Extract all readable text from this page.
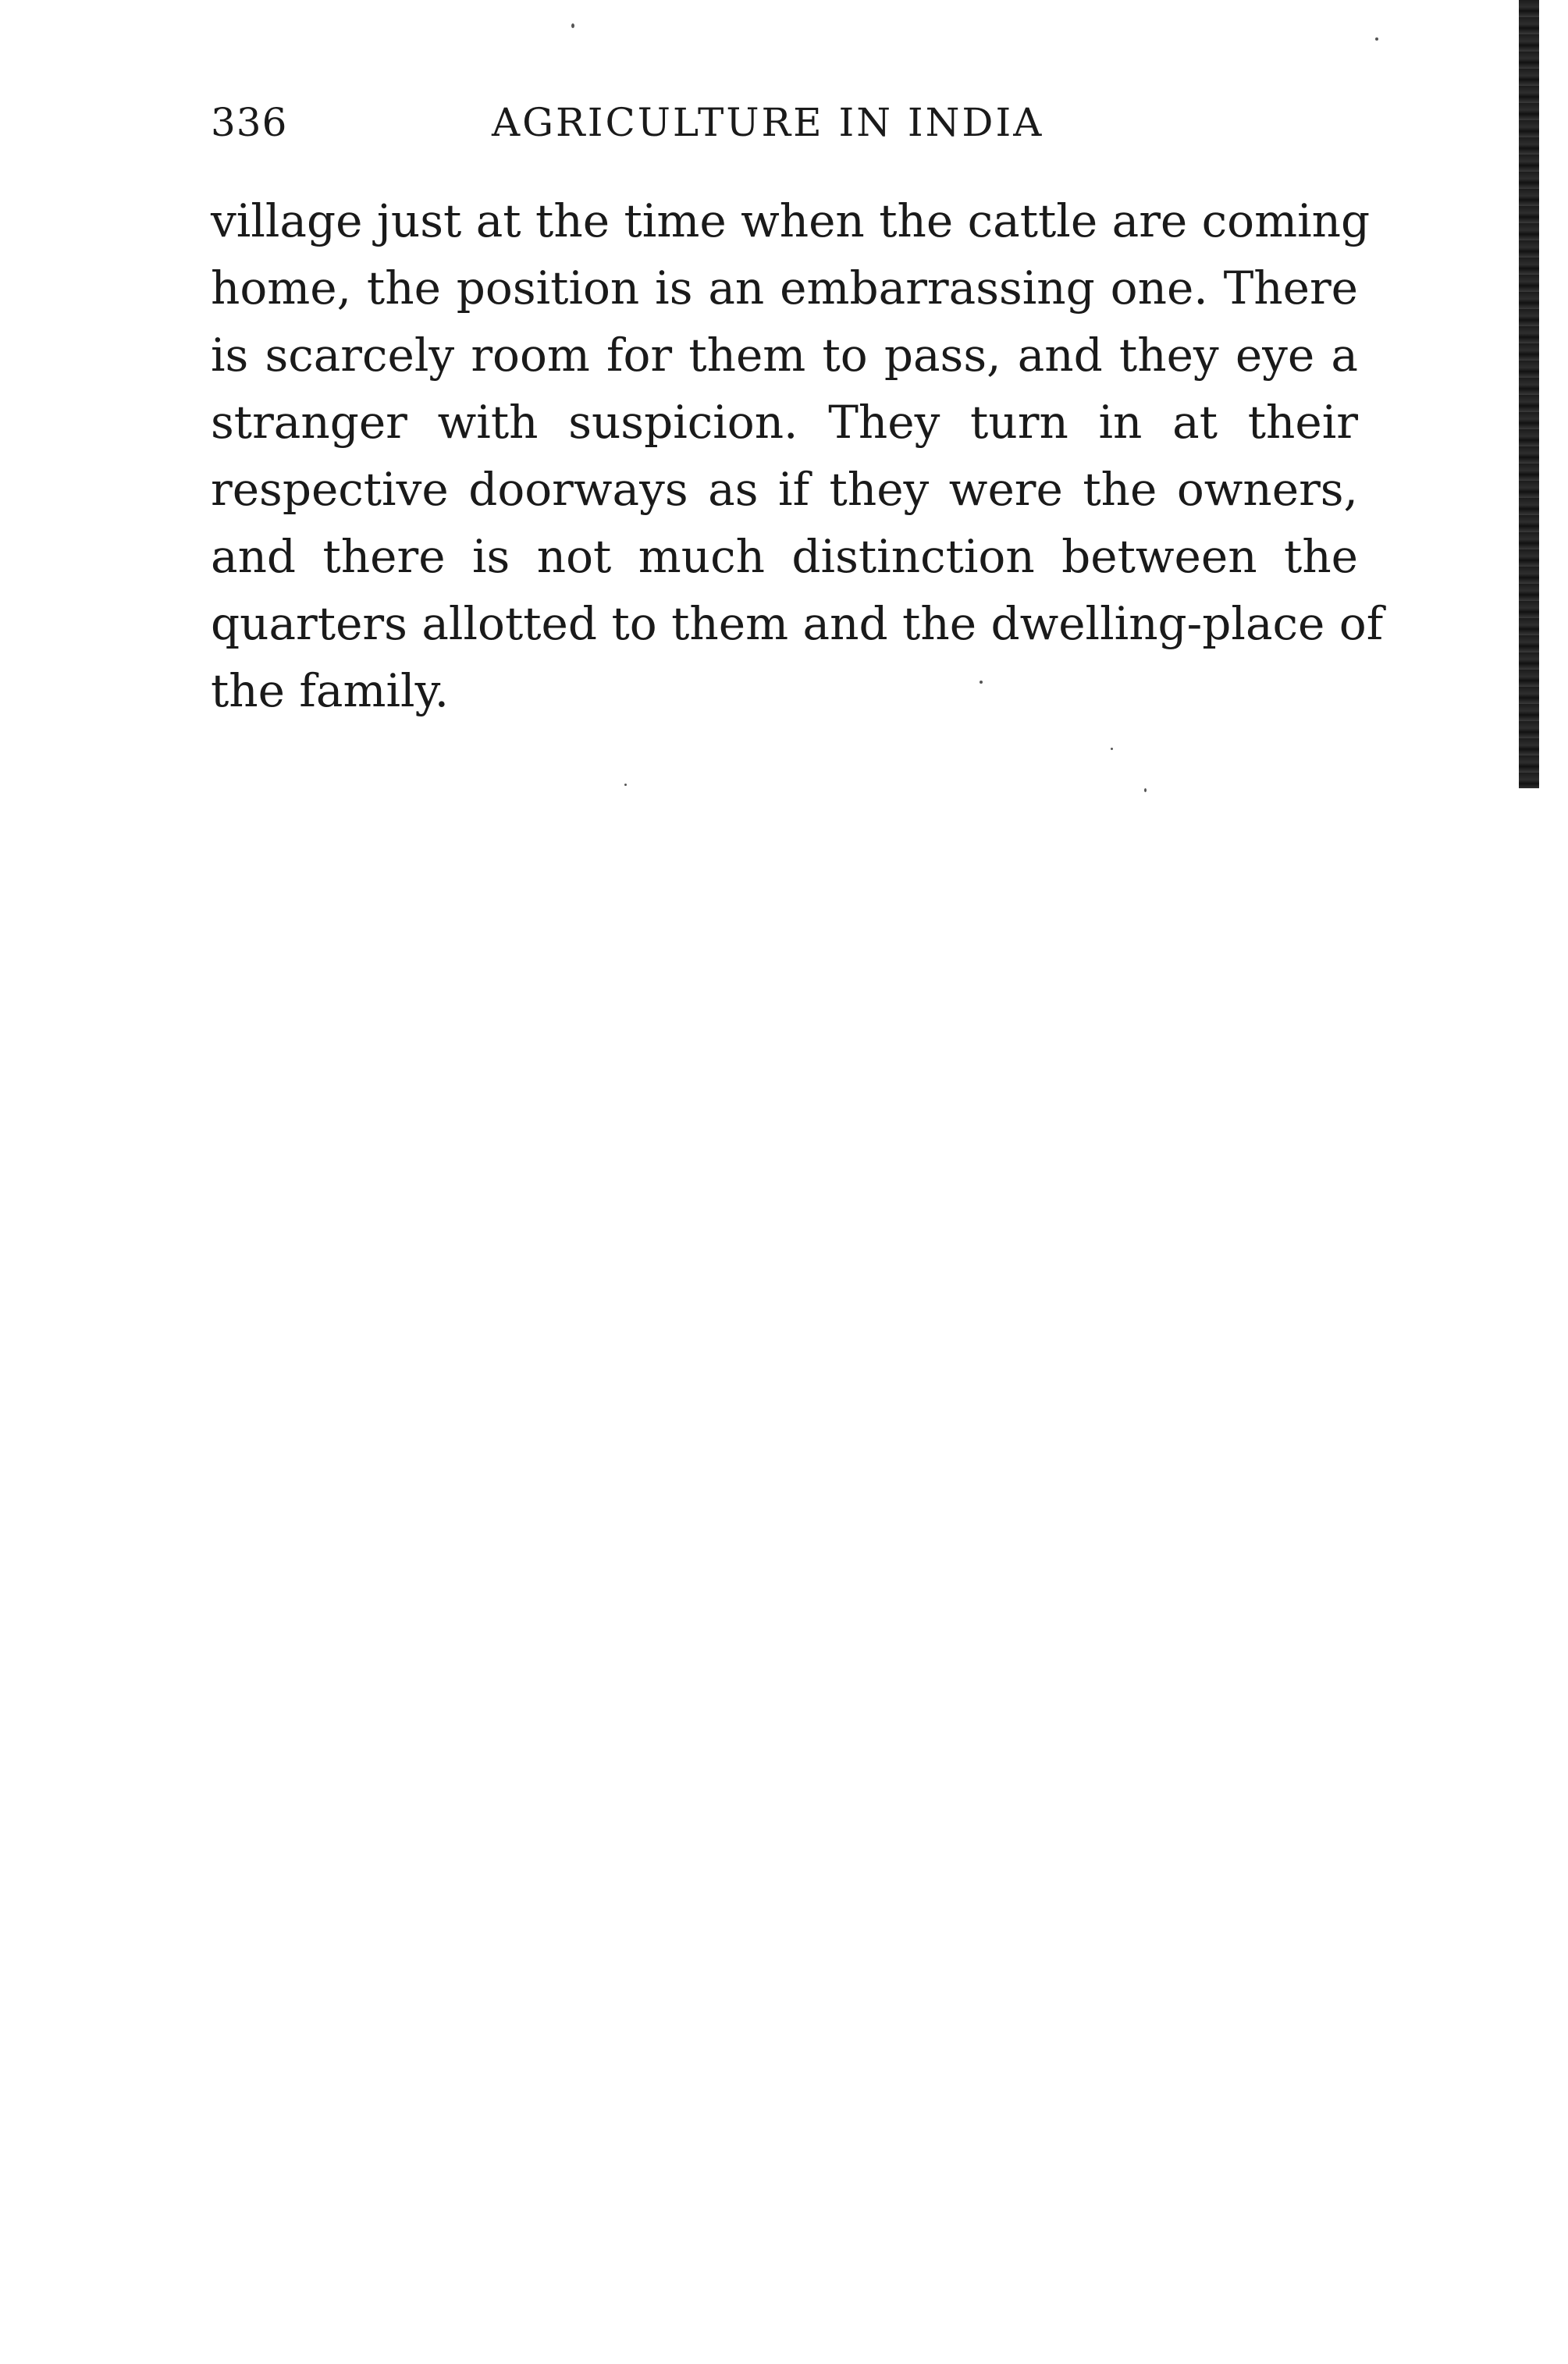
336	AGRICULTURE IN INDIA
village just at the time when the cattle are coming
home, the position is an embarrassing one. There
is scarcely room for them to pass, and they eye a
stranger with suspicion. They turn in at their
respective doorways as if they were the owners,
and there is not much distinction between the
quarters allotted to them and the dwelling-place of
the family.
